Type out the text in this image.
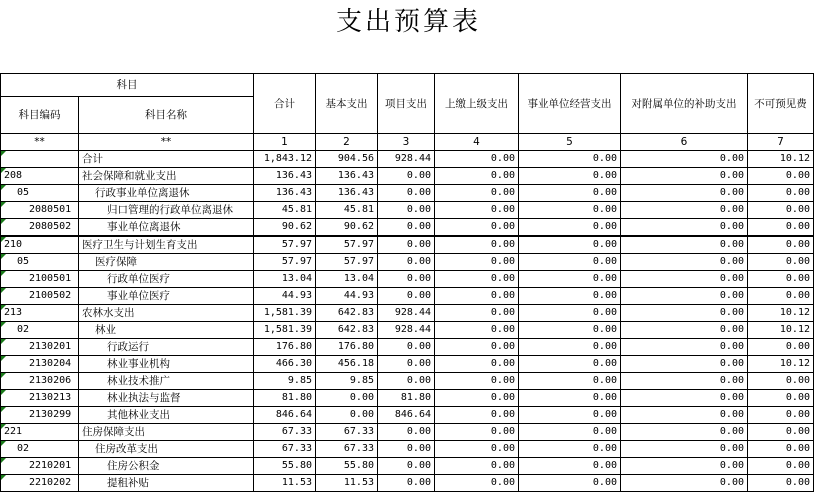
支出预算表
科目		合计	基本支出	项目支出	上缴上级支出	事业单位经营支出	对附属单位的补助支出	不可预见费
科目编码	科目名称							
**	**	1	2	3	4	5	6	7
	合计	1,843.12	904.56	928.44	0.00	0.00	0.00	10.12
208	社会保障和就业支出	136.43	136.43	0.00	0.00	0.00	0.00	0.00
05	行政事业单位离退休	136.43	136.43	0.00	0.00	0.00	0.00	0.00
2080501	归口管理的行政单位离退休	45.81	45.81	0.00	0.00	0.00	0.00	0.00
2080502	事业单位离退休	90.62	90.62	0.00	0.00	0.00	0.00	0.00
210	医疗卫生与计划生育支出	57.97	57.97	0.00	0.00	0.00	0.00	0.00
05	医疗保障	57.97	57.97	0.00	0.00	0.00	0.00	0.00
2100501	行政单位医疗	13.04	13.04	0.00	0.00	0.00	0.00	0.00
2100502	事业单位医疗	44.93	44.93	0.00	0.00	0.00	0.00	0.00
213	农林水支出	1,581.39	642.83	928.44	0.00	0.00	0.00	10.12
02	林业	1,581.39	642.83	928.44	0.00	0.00	0.00	10.12
2130201	行政运行	176.80	176.80	0.00	0.00	0.00	0.00	0.00
2130204	林业事业机构	466.30	456.18	0.00	0.00	0.00	0.00	10.12
2130206	林业技术推广	9.85	9.85	0.00	0.00	0.00	0.00	0.00
2130213	林业执法与监督	81.80	0.00	81.80	0.00	0.00	0.00	0.00
2130299	其他林业支出	846.64	0.00	846.64	0.00	0.00	0.00	0.00
221	住房保障支出	67.33	67.33	0.00	0.00	0.00	0.00	0.00
02	住房改革支出	67.33	67.33	0.00	0.00	0.00	0.00	0.00
2210201	住房公积金	55.80	55.80	0.00	0.00	0.00	0.00	0.00
2210202	提租补贴	11.53	11.53	0.00	0.00	0.00	0.00	0.00
